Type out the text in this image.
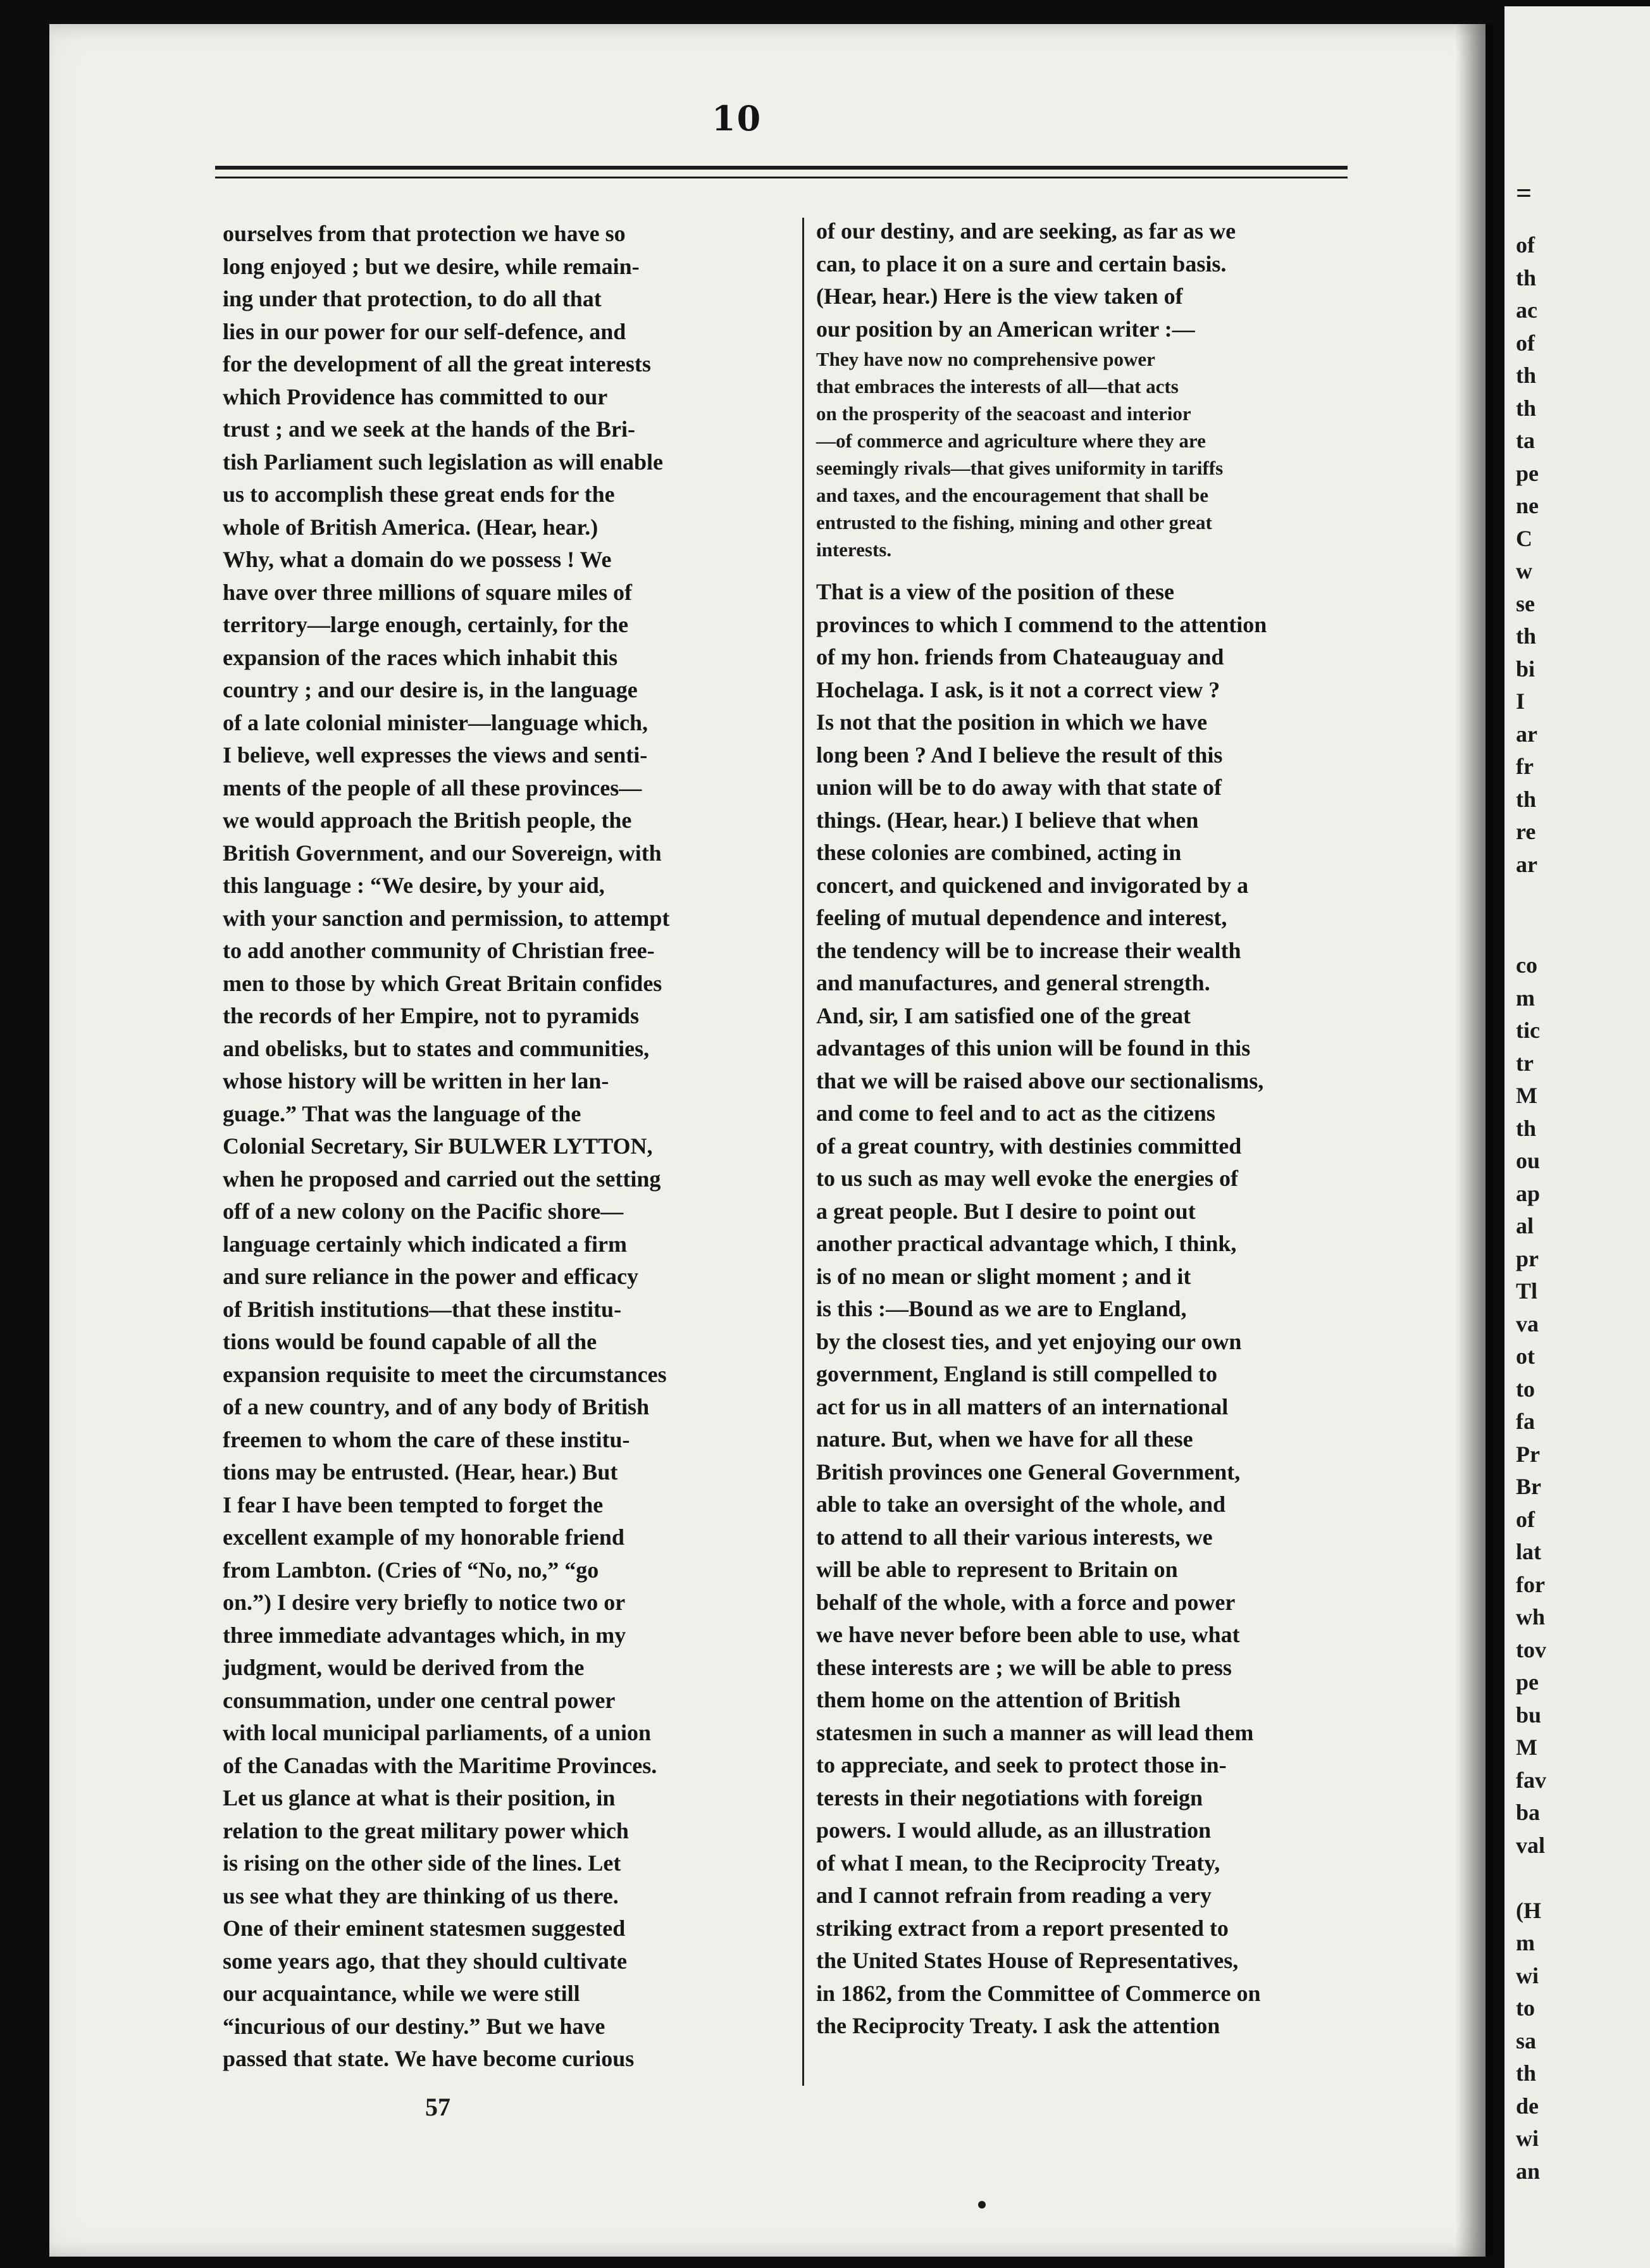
=
of
th
ac
of
th
th
ta
pe
ne
C
w
se
th
bi
I
ar
fr
th
re
ar
co
m
tic
tr
M
th
ou
ap
al
pr
Tl
va
ot
to
fa
Pr
Br
of
lat
for
wh
tov
pe
bu
M
fav
ba
val
(H
m
wi
to
sa
th
de
wi
an
10
ourselves from that protection we have so
long enjoyed ; but we desire, while remain-
ing under that protection, to do all that
lies in our power for our self-defence, and
for the development of all the great interests
which Providence has committed to our
trust ; and we seek at the hands of the Bri-
tish Parliament such legislation as will enable
us to accomplish these great ends for the
whole of British America. (Hear, hear.)
Why, what a domain do we possess ! We
have over three millions of square miles of
territory—large enough, certainly, for the
expansion of the races which inhabit this
country ; and our desire is, in the language
of a late colonial minister—language which,
I believe, well expresses the views and senti-
ments of the people of all these provinces—
we would approach the British people, the
British Government, and our Sovereign, with
this language : “We desire, by your aid,
with your sanction and permission, to attempt
to add another community of Christian free-
men to those by which Great Britain confides
the records of her Empire, not to pyramids
and obelisks, but to states and communities,
whose history will be written in her lan-
guage.” That was the language of the
Colonial Secretary, Sir BULWER LYTTON,
when he proposed and carried out the setting
off of a new colony on the Pacific shore—
language certainly which indicated a firm
and sure reliance in the power and efficacy
of British institutions—that these institu-
tions would be found capable of all the
expansion requisite to meet the circumstances
of a new country, and of any body of British
freemen to whom the care of these institu-
tions may be entrusted. (Hear, hear.) But
I fear I have been tempted to forget the
excellent example of my honorable friend
from Lambton. (Cries of “No, no,” “go
on.”) I desire very briefly to notice two or
three immediate advantages which, in my
judgment, would be derived from the
consummation, under one central power
with local municipal parliaments, of a union
of the Canadas with the Maritime Provinces.
Let us glance at what is their position, in
relation to the great military power which
is rising on the other side of the lines. Let
us see what they are thinking of us there.
One of their eminent statesmen suggested
some years ago, that they should cultivate
our acquaintance, while we were still
“incurious of our destiny.” But we have
passed that state. We have become curious
of our destiny, and are seeking, as far as we
can, to place it on a sure and certain basis.
(Hear, hear.) Here is the view taken of
our position by an American writer :—
They have now no comprehensive power
that embraces the interests of all—that acts
on the prosperity of the seacoast and interior
—of commerce and agriculture where they are
seemingly rivals—that gives uniformity in tariffs
and taxes, and the encouragement that shall be
entrusted to the fishing, mining and other great
interests.
That is a view of the position of these
provinces to which I commend to the attention
of my hon. friends from Chateauguay and
Hochelaga. I ask, is it not a correct view ?
Is not that the position in which we have
long been ? And I believe the result of this
union will be to do away with that state of
things. (Hear, hear.) I believe that when
these colonies are combined, acting in
concert, and quickened and invigorated by a
feeling of mutual dependence and interest,
the tendency will be to increase their wealth
and manufactures, and general strength.
And, sir, I am satisfied one of the great
advantages of this union will be found in this
that we will be raised above our sectionalisms,
and come to feel and to act as the citizens
of a great country, with destinies committed
to us such as may well evoke the energies of
a great people. But I desire to point out
another practical advantage which, I think,
is of no mean or slight moment ; and it
is this :—Bound as we are to England,
by the closest ties, and yet enjoying our own
government, England is still compelled to
act for us in all matters of an international
nature. But, when we have for all these
British provinces one General Government,
able to take an oversight of the whole, and
to attend to all their various interests, we
will be able to represent to Britain on
behalf of the whole, with a force and power
we have never before been able to use, what
these interests are ; we will be able to press
them home on the attention of British
statesmen in such a manner as will lead them
to appreciate, and seek to protect those in-
terests in their negotiations with foreign
powers. I would allude, as an illustration
of what I mean, to the Reciprocity Treaty,
and I cannot refrain from reading a very
striking extract from a report presented to
the United States House of Representatives,
in 1862, from the Committee of Commerce on
the Reciprocity Treaty. I ask the attention
57
